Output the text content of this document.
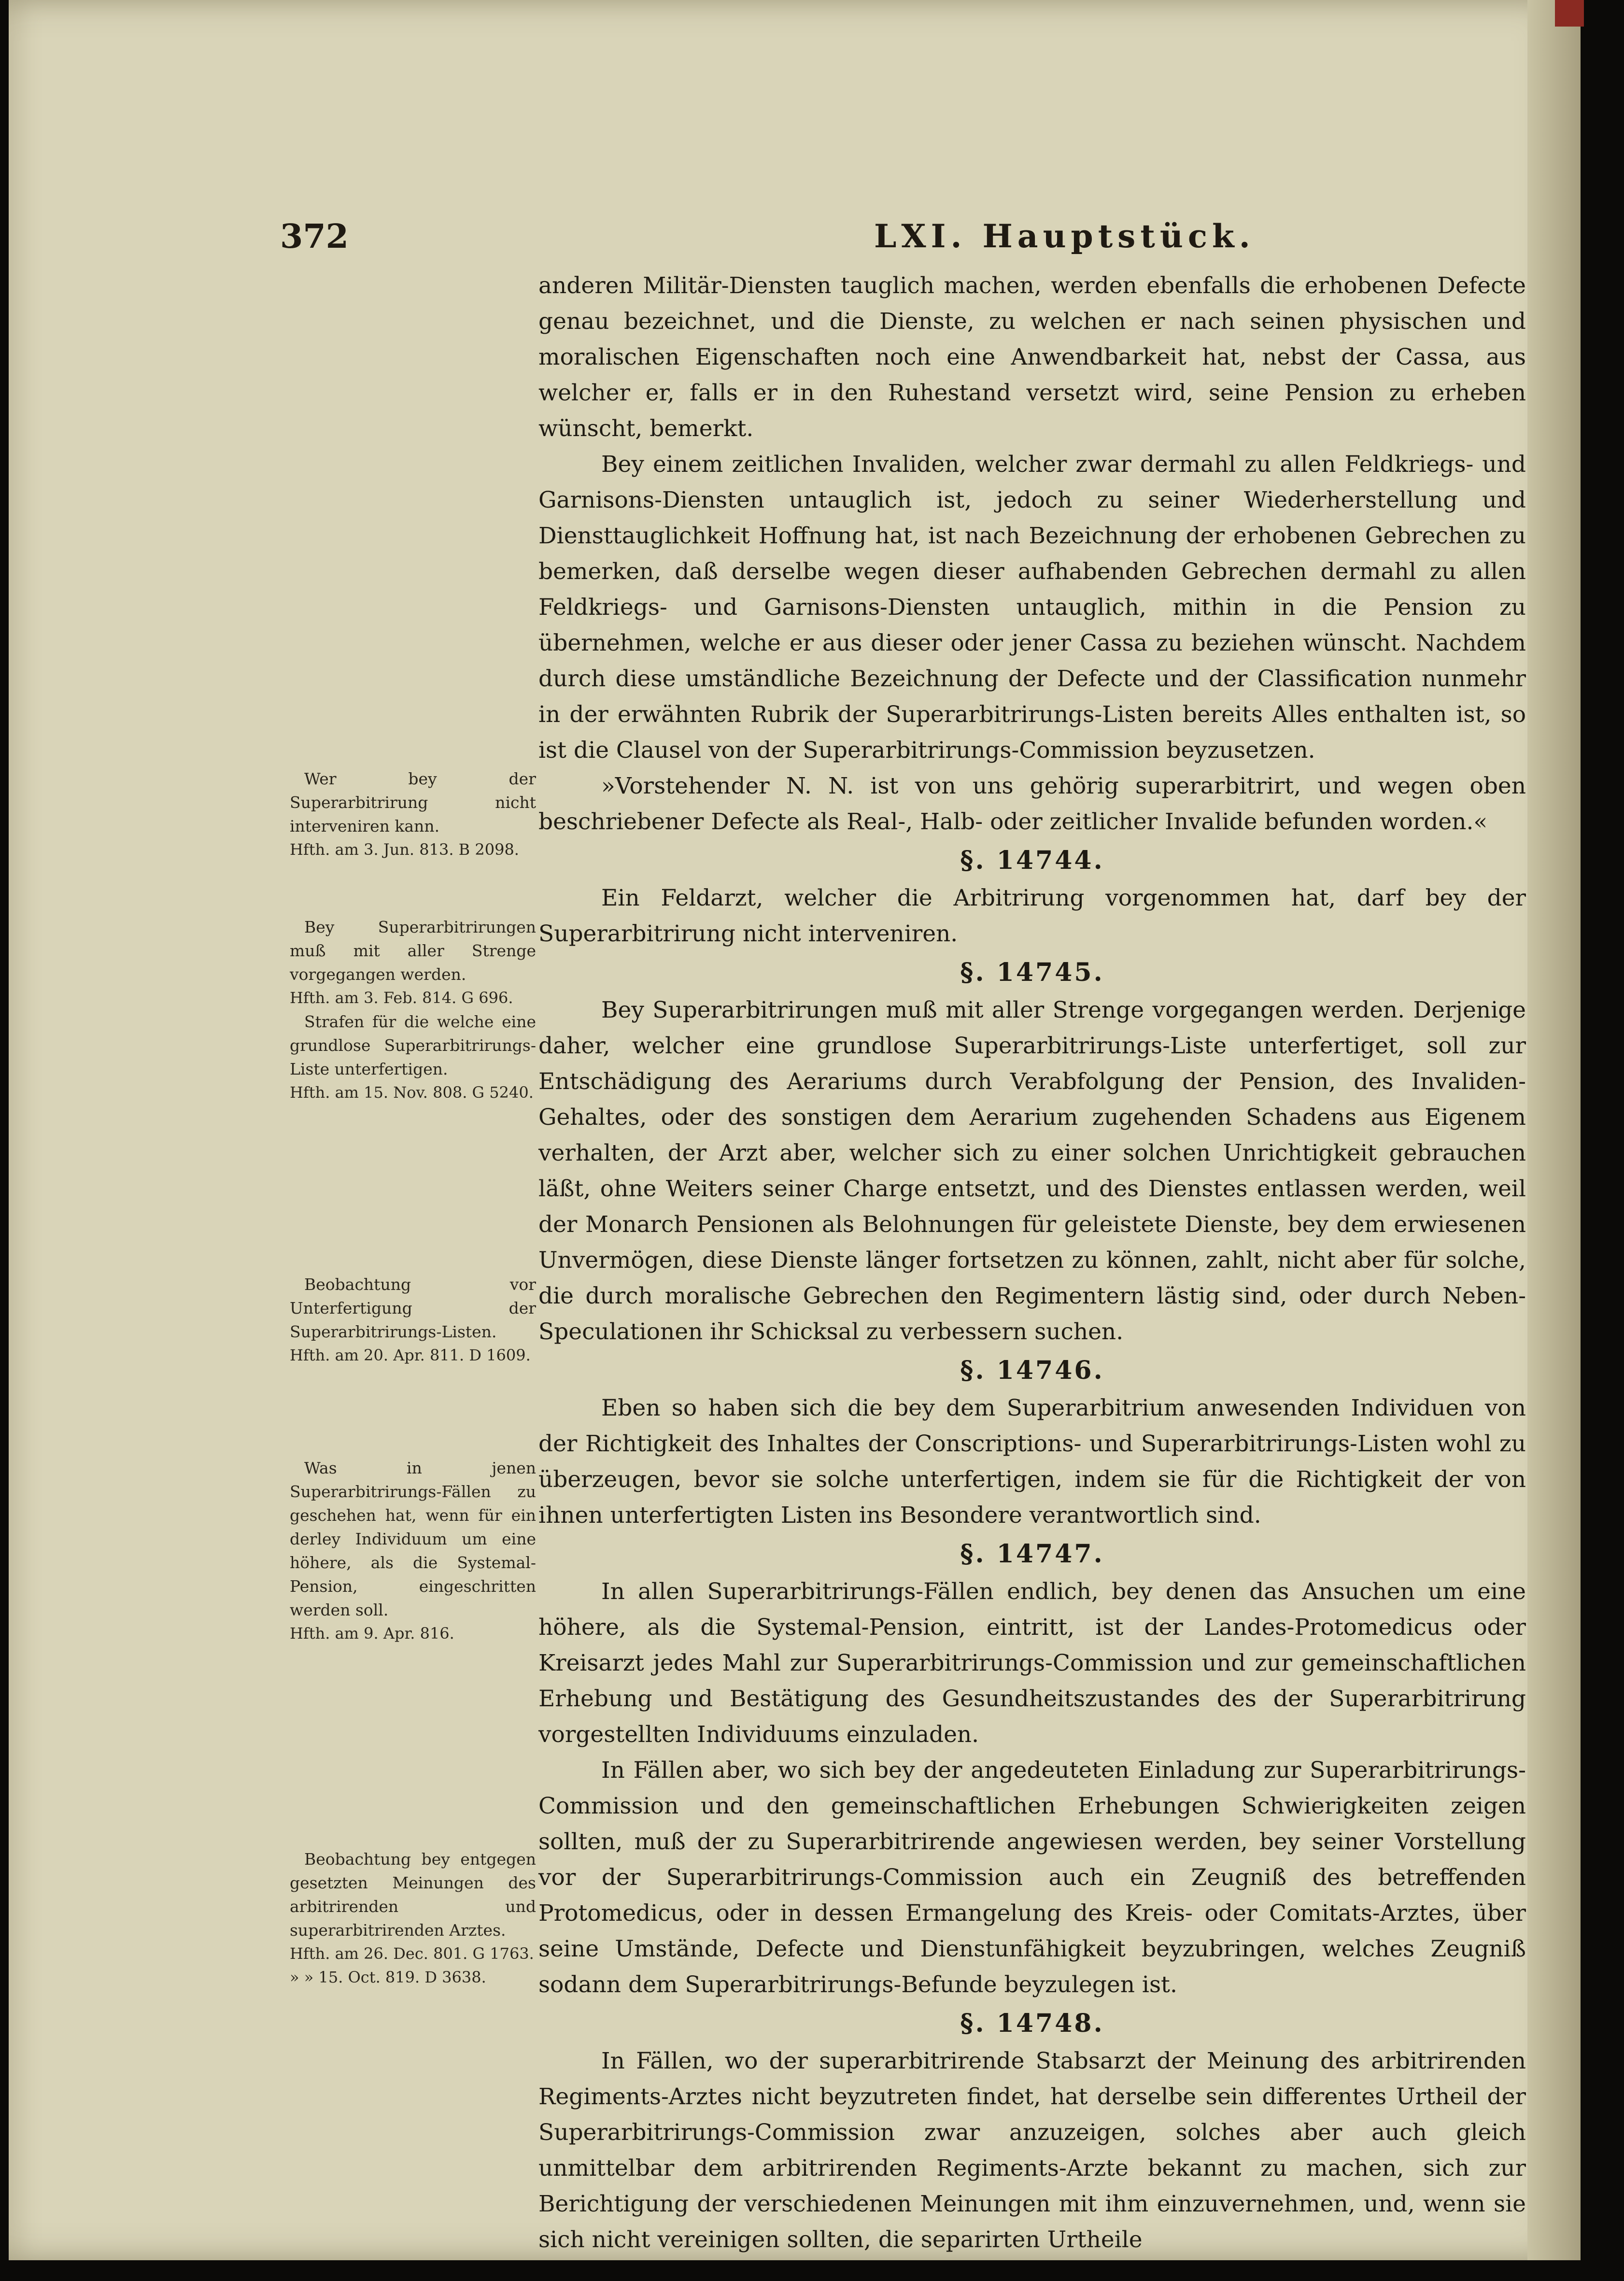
372	LXI. Hauptstück.

anderen Militär-Diensten tauglich machen, werden ebenfalls die erhobenen Defecte genau bezeichnet, und die Dienste, zu welchen er nach seinen physischen und moralischen Eigenschaften noch eine Anwendbarkeit hat, nebst der Cassa, aus welcher er, falls er in den Ruhestand versetzt wird, seine Pension zu erheben wünscht, bemerkt.

Bey einem zeitlichen Invaliden, welcher zwar dermahl zu allen Feldkriegs- und Garnisons-Diensten untauglich ist, jedoch zu seiner Wiederherstellung und Diensttauglichkeit Hoffnung hat, ist nach Bezeichnung der erhobenen Gebrechen zu bemerken, daß derselbe wegen dieser aufhabenden Gebrechen dermahl zu allen Feldkriegs- und Garnisons-Diensten untauglich, mithin in die Pension zu übernehmen, welche er aus dieser oder jener Cassa zu beziehen wünscht. Nachdem durch diese umständliche Bezeichnung der Defecte und der Classification nunmehr in der erwähnten Rubrik der Superarbitrirungs-Listen bereits Alles enthalten ist, so ist die Clausel von der Superarbitrirungs-Commission beyzusetzen.

»Vorstehender N. N. ist von uns gehörig superarbitrirt, und wegen oben beschriebener Defecte als Real-, Halb- oder zeitlicher Invalide befunden worden.«

§. 14744.

Ein Feldarzt, welcher die Arbitrirung vorgenommen hat, darf bey der Superarbitrirung nicht interveniren.

§. 14745.

Bey Superarbitrirungen muß mit aller Strenge vorgegangen werden. Derjenige daher, welcher eine grundlose Superarbitrirungs-Liste unterfertiget, soll zur Entschädigung des Aerariums durch Verabfolgung der Pension, des Invaliden-Gehaltes, oder des sonstigen dem Aerarium zugehenden Schadens aus Eigenem verhalten, der Arzt aber, welcher sich zu einer solchen Unrichtigkeit gebrauchen läßt, ohne Weiters seiner Charge entsetzt, und des Dienstes entlassen werden, weil der Monarch Pensionen als Belohnungen für geleistete Dienste, bey dem erwiesenen Unvermögen, diese Dienste länger fortsetzen zu können, zahlt, nicht aber für solche, die durch moralische Gebrechen den Regimentern lästig sind, oder durch Neben-Speculationen ihr Schicksal zu verbessern suchen.

§. 14746.

Eben so haben sich die bey dem Superarbitrium anwesenden Individuen von der Richtigkeit des Inhaltes der Conscriptions- und Superarbitrirungs-Listen wohl zu überzeugen, bevor sie solche unterfertigen, indem sie für die Richtigkeit der von ihnen unterfertigten Listen ins Besondere verantwortlich sind.

§. 14747.

In allen Superarbitrirungs-Fällen endlich, bey denen das Ansuchen um eine höhere, als die Systemal-Pension, eintritt, ist der Landes-Protomedicus oder Kreisarzt jedes Mahl zur Superarbitrirungs-Commission und zur gemeinschaftlichen Erhebung und Bestätigung des Gesundheitszustandes des der Superarbitrirung vorgestellten Individuums einzuladen.

In Fällen aber, wo sich bey der angedeuteten Einladung zur Superarbitrirungs-Commission und den gemeinschaftlichen Erhebungen Schwierigkeiten zeigen sollten, muß der zu Superarbitrirende angewiesen werden, bey seiner Vorstellung vor der Superarbitrirungs-Commission auch ein Zeugniß des betreffenden Protomedicus, oder in dessen Ermangelung des Kreis- oder Comitats-Arztes, über seine Umstände, Defecte und Dienstunfähigkeit beyzubringen, welches Zeugniß sodann dem Superarbitrirungs-Befunde beyzulegen ist.

§. 14748.

In Fällen, wo der superarbitrirende Stabsarzt der Meinung des arbitrirenden Regiments-Arztes nicht beyzutreten findet, hat derselbe sein differentes Urtheil der Superarbitrirungs-Commission zwar anzuzeigen, solches aber auch gleich unmittelbar dem arbitrirenden Regiments-Arzte bekannt zu machen, sich zur Berichtigung der verschiedenen Meinungen mit ihm einzuvernehmen, und, wenn sie sich nicht vereinigen sollten, die separirten Urtheile

Wer bey der Superarbitrirung nicht interveniren kann.
Hfth. am 3. Jun. 813. B 2098.
Bey Superarbitrirungen muß mit aller Strenge vorgegangen werden.
Hfth. am 3. Feb. 814. G 696.
Strafen für die welche eine grundlose Superarbitrirungs-Liste unterfertigen.
Hfth. am 15. Nov. 808. G 5240.
Beobachtung vor Unterfertigung der Superarbitrirungs-Listen.
Hfth. am 20. Apr. 811. D 1609.
Was in jenen Superarbitrirungs-Fällen zu geschehen hat, wenn für ein derley Individuum um eine höhere, als die Systemal-Pension, eingeschritten werden soll.
Hfth. am 9. Apr. 816.
Beobachtung bey entgegen gesetzten Meinungen des arbitrirenden und superarbitrirenden Arztes.
Hfth. am 26. Dec. 801. G 1763.
» » 15. Oct. 819. D 3638.
